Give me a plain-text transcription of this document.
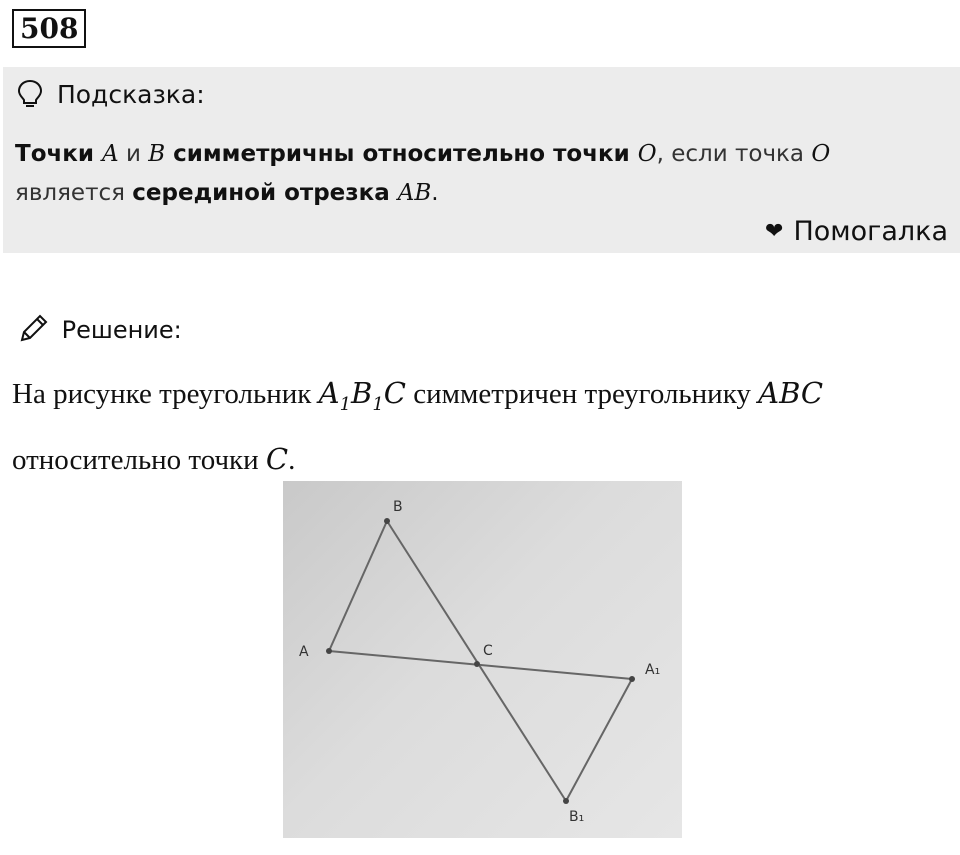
508
Подсказка:
Точки A и B симметричны относительно точки O, если точка O
является серединой отрезка AB.
❤ Помогалка
Решение:
На рисунке треугольник $A_1B_1C$ симметричен треугольнику ABC
относительно точки C.
A
B
C
A₁
B₁
